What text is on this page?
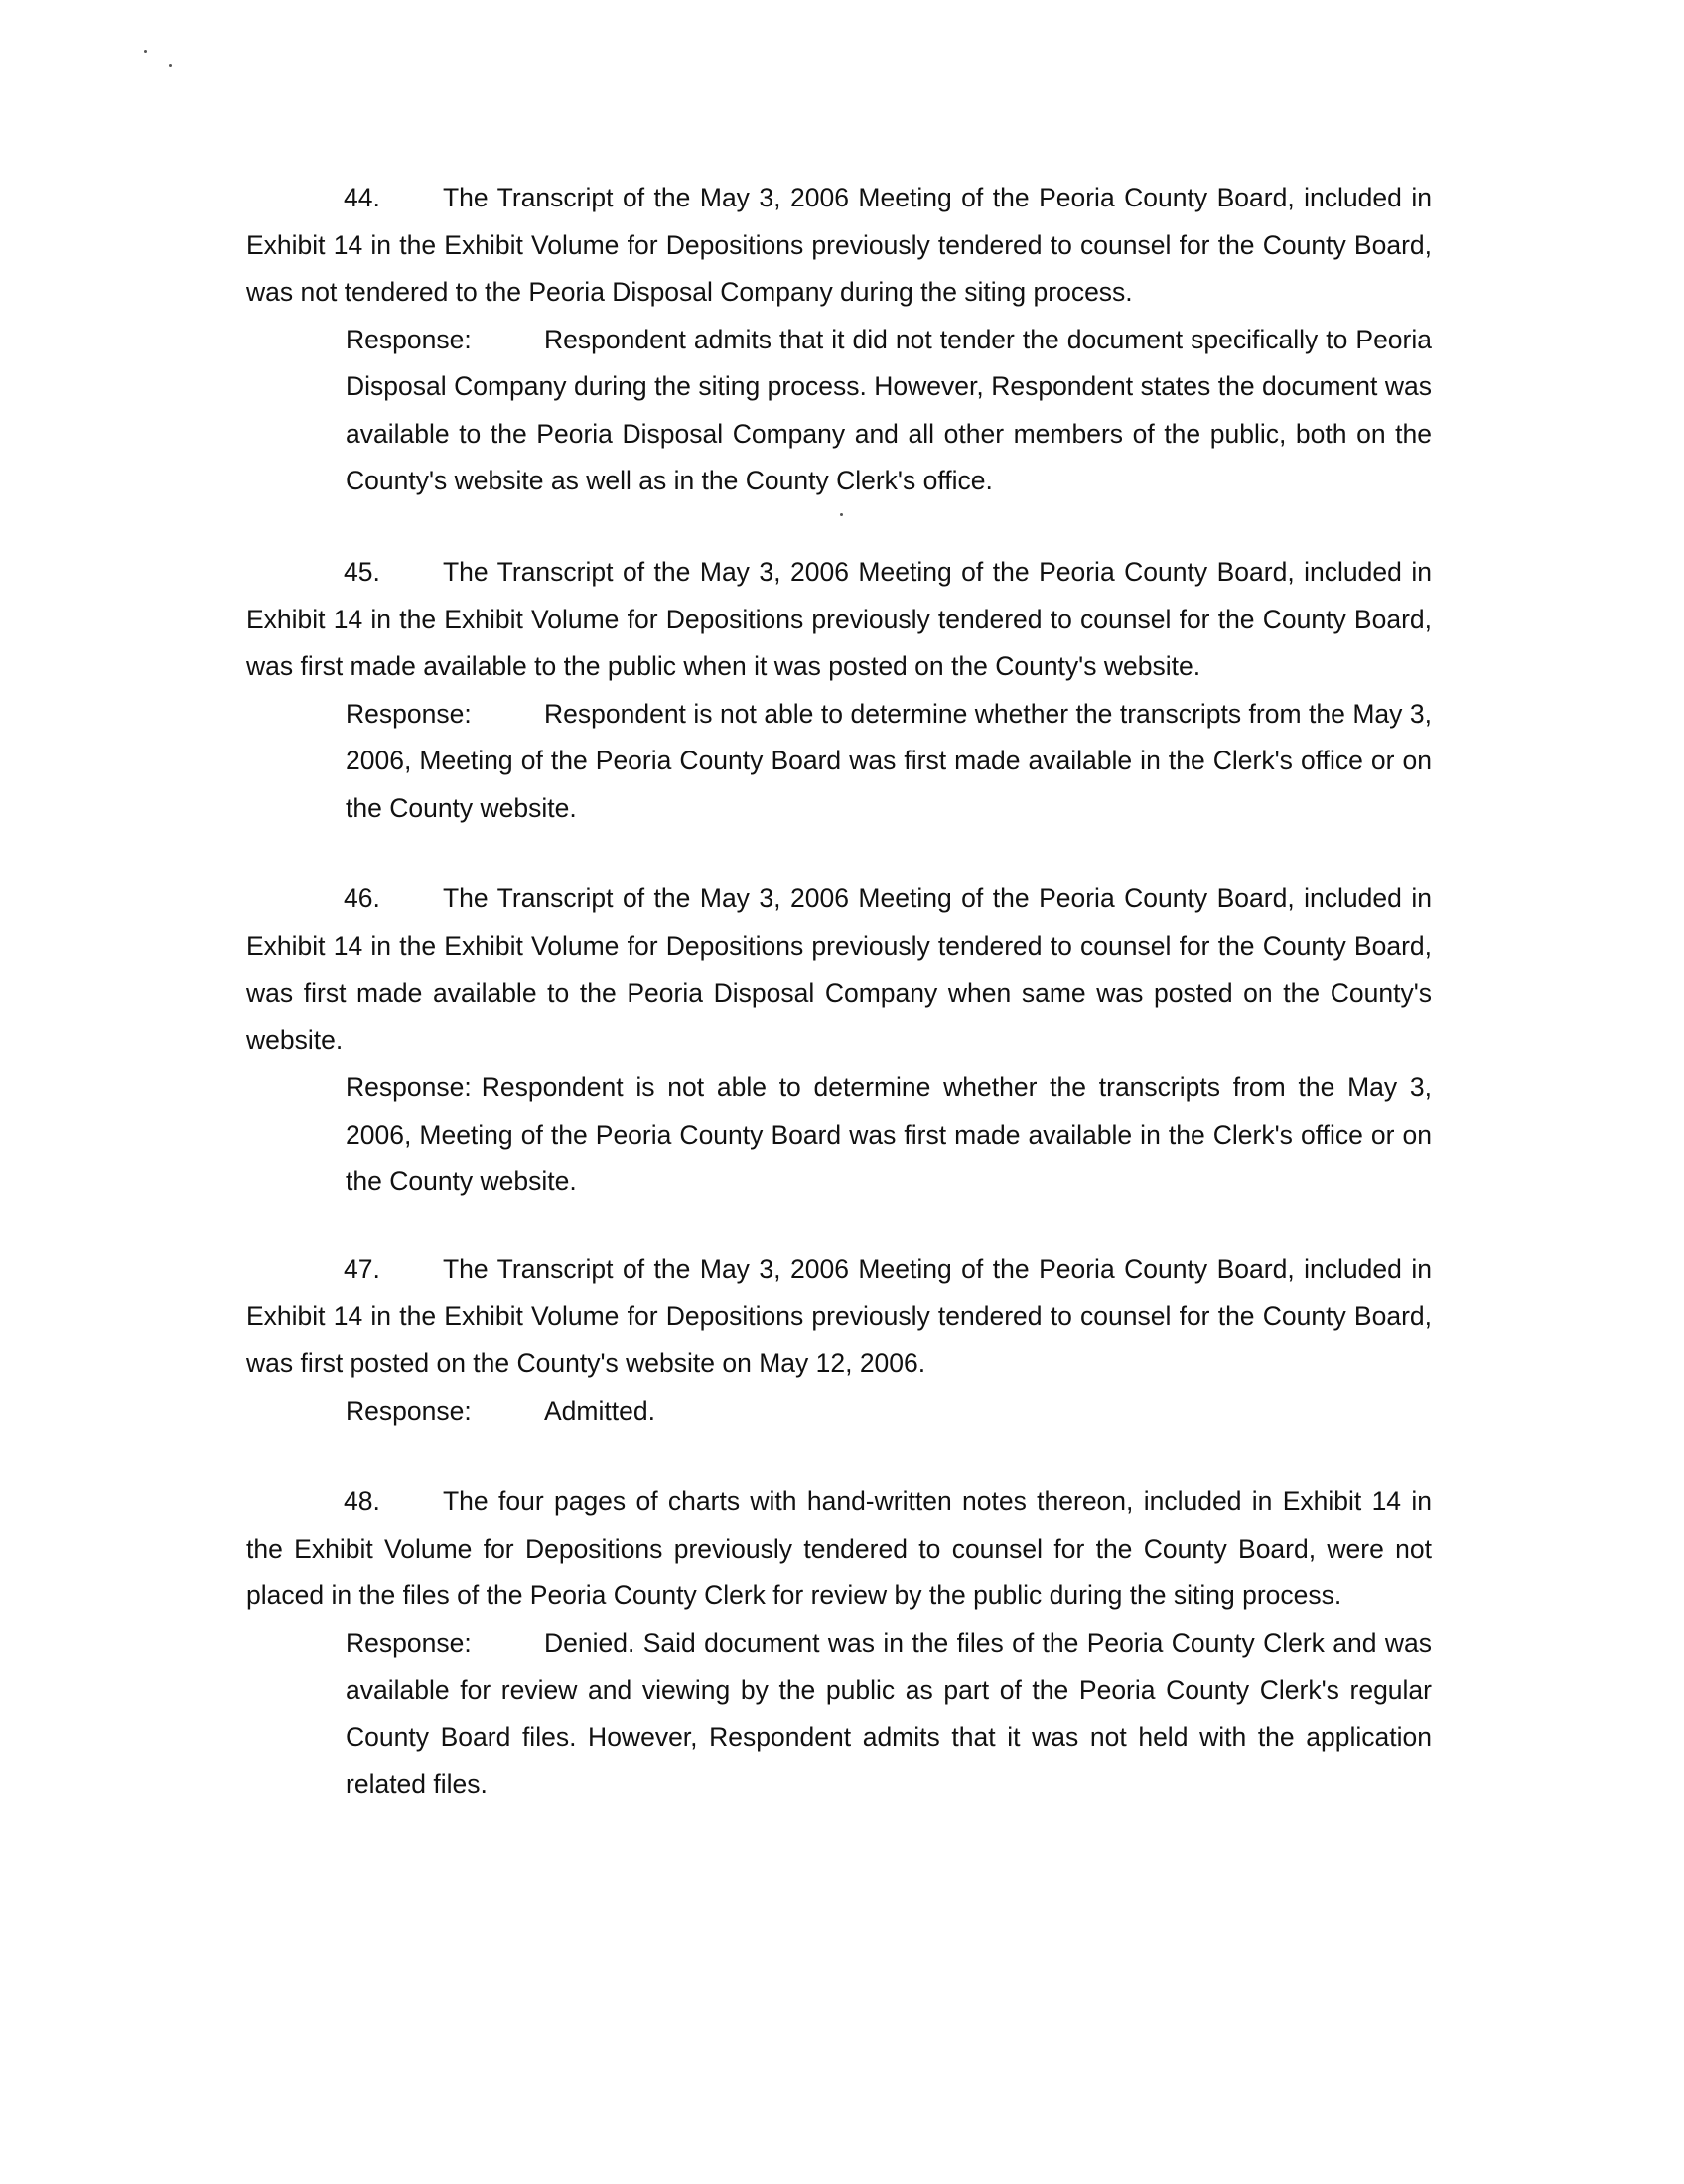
44. The Transcript of the May 3, 2006 Meeting of the Peoria County Board, included in Exhibit 14 in the Exhibit Volume for Depositions previously tendered to counsel for the County Board, was not tendered to the Peoria Disposal Company during the siting process.

Response:	Respondent admits that it did not tender the document specifically to Peoria Disposal Company during the siting process. However, Respondent states the document was available to the Peoria Disposal Company and all other members of the public, both on the County's website as well as in the County Clerk's office.

45. The Transcript of the May 3, 2006 Meeting of the Peoria County Board, included in Exhibit 14 in the Exhibit Volume for Depositions previously tendered to counsel for the County Board, was first made available to the public when it was posted on the County's website.

Response:	Respondent is not able to determine whether the transcripts from the May 3, 2006, Meeting of the Peoria County Board was first made available in the Clerk's office or on the County website.

46. The Transcript of the May 3, 2006 Meeting of the Peoria County Board, included in Exhibit 14 in the Exhibit Volume for Depositions previously tendered to counsel for the County Board, was first made available to the Peoria Disposal Company when same was posted on the County's website.

Response: Respondent is not able to determine whether the transcripts from the May 3, 2006, Meeting of the Peoria County Board was first made available in the Clerk's office or on the County website.

47. The Transcript of the May 3, 2006 Meeting of the Peoria County Board, included in Exhibit 14 in the Exhibit Volume for Depositions previously tendered to counsel for the County Board, was first posted on the County's website on May 12, 2006.

Response:	Admitted.

48. The four pages of charts with hand-written notes thereon, included in Exhibit 14 in the Exhibit Volume for Depositions previously tendered to counsel for the County Board, were not placed in the files of the Peoria County Clerk for review by the public during the siting process.

Response:	Denied. Said document was in the files of the Peoria County Clerk and was available for review and viewing by the public as part of the Peoria County Clerk's regular County Board files. However, Respondent admits that it was not held with the application related files.
